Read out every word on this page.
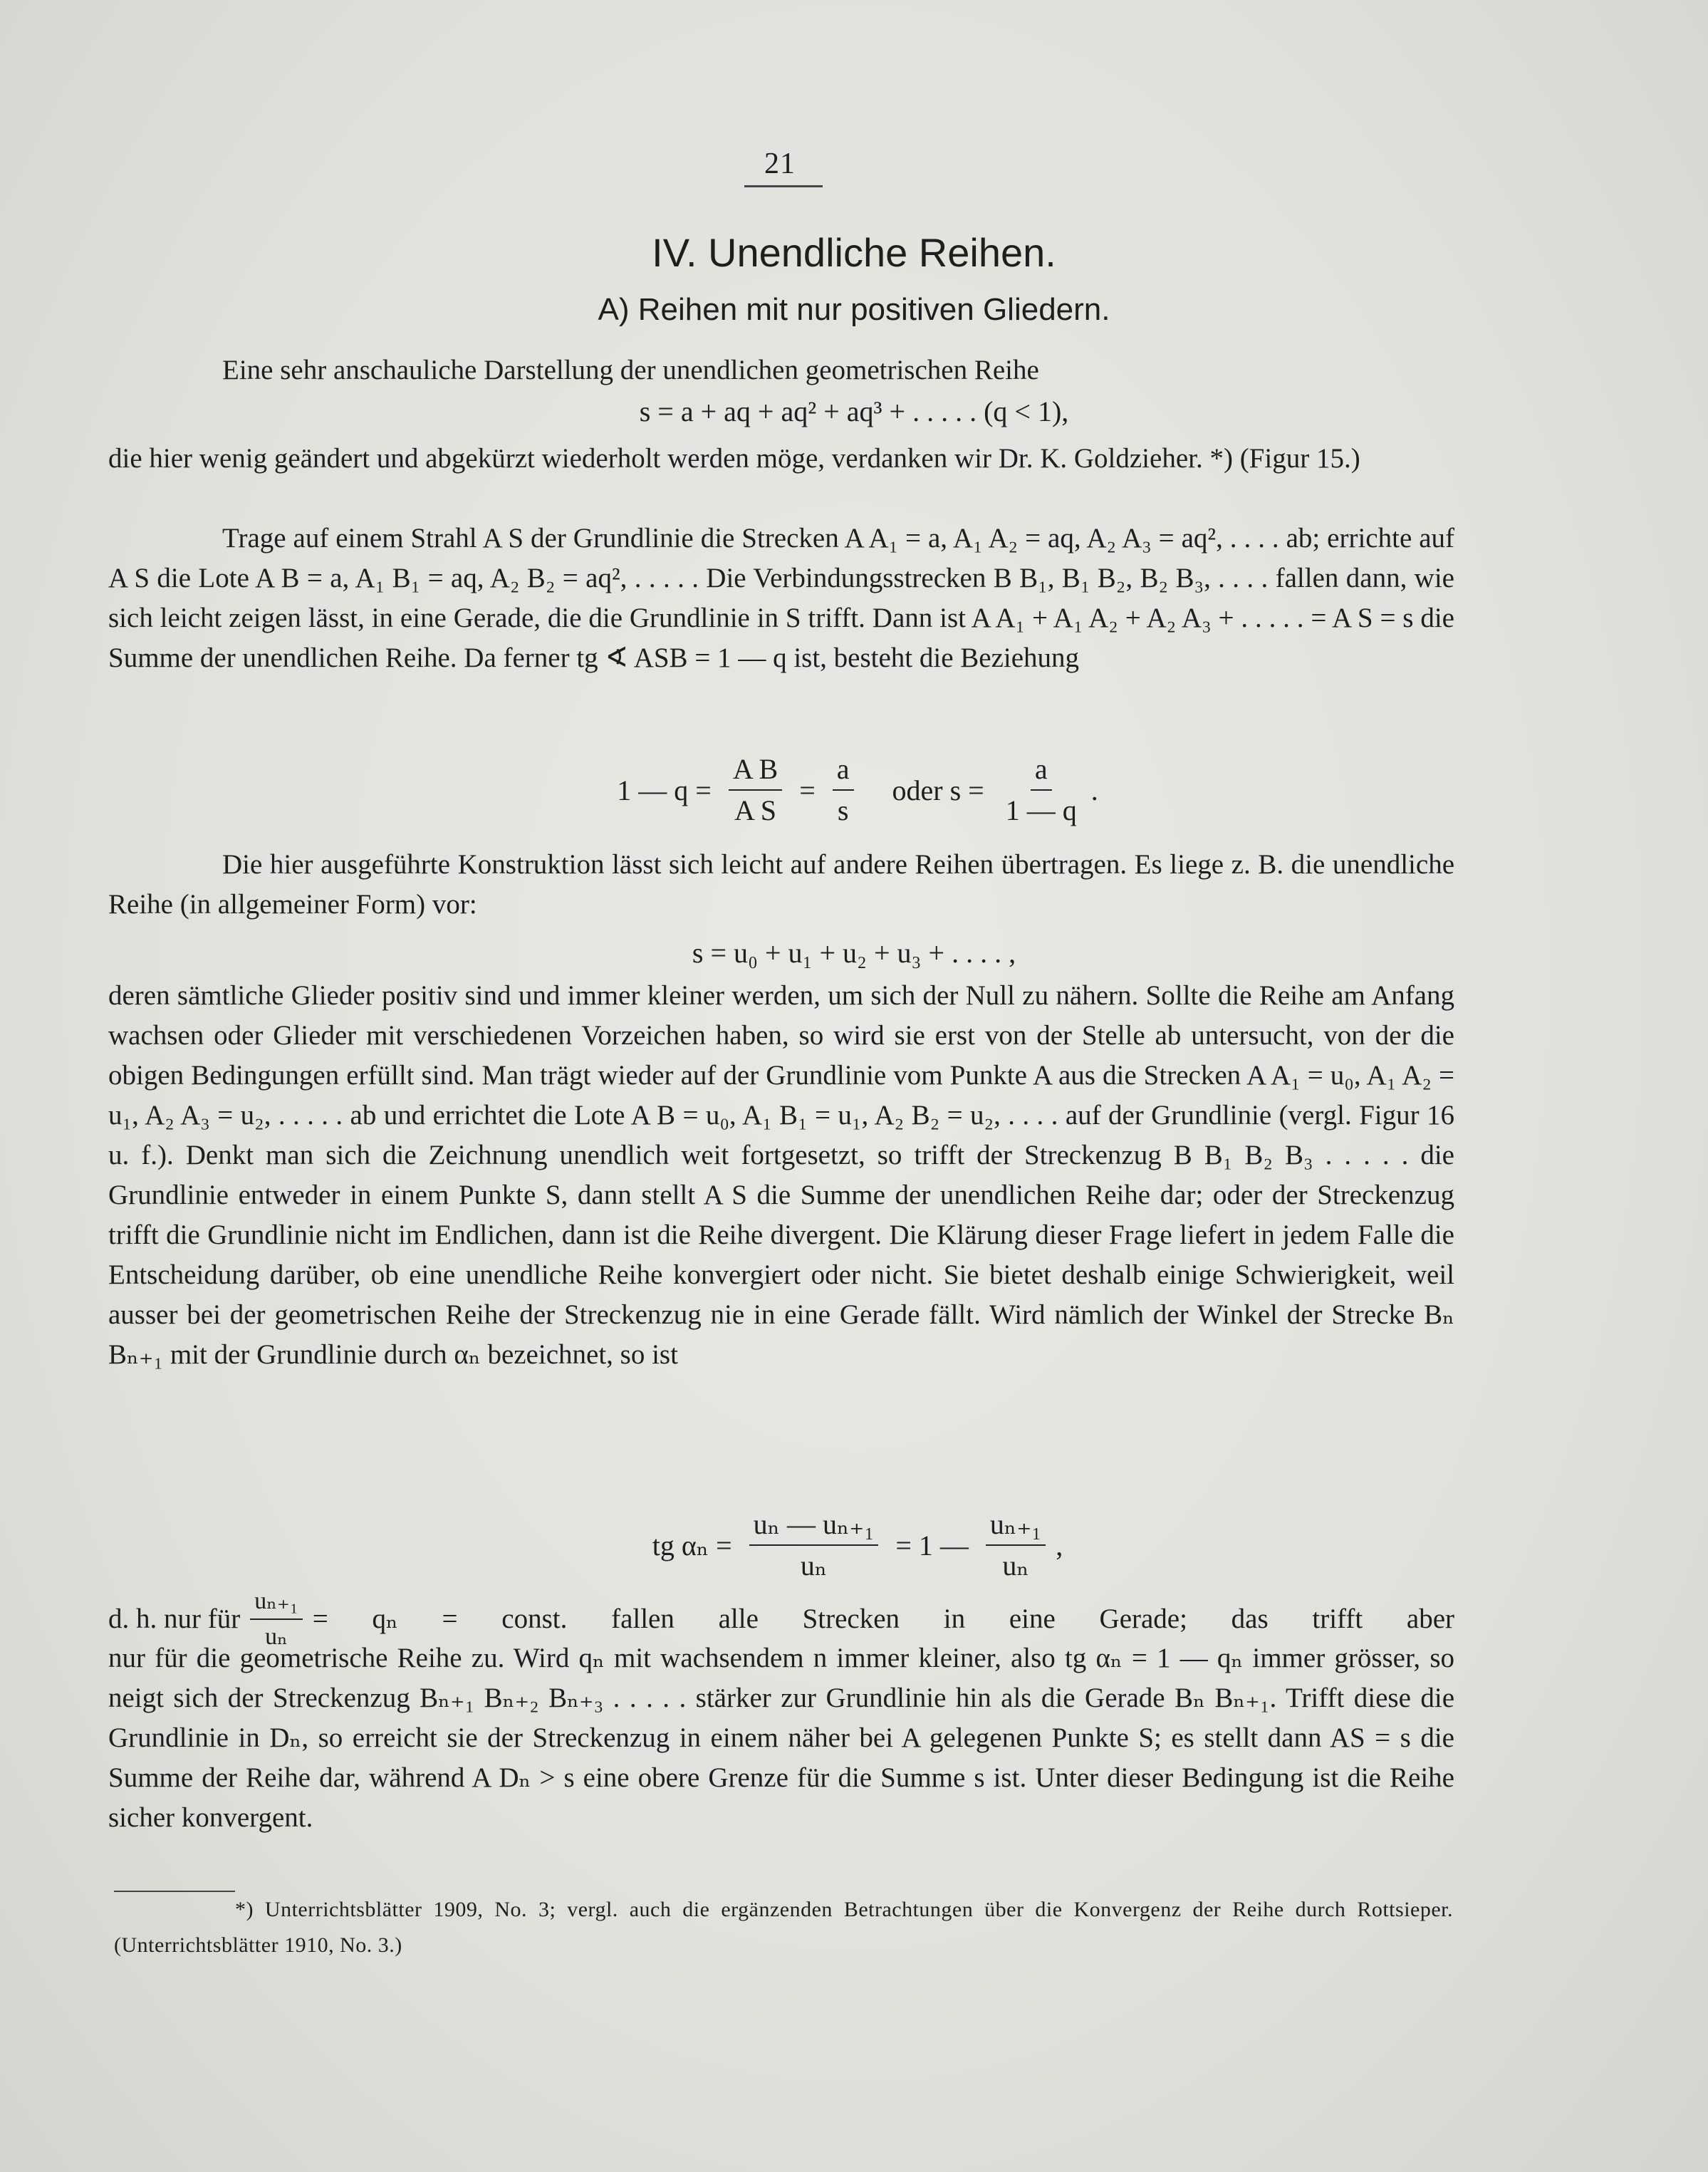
21
IV. Unendliche Reihen.
A) Reihen mit nur positiven Gliedern.
Eine sehr anschauliche Darstellung der unendlichen geometrischen Reihe
s = a + aq + aq² + aq³ + . . . . . (q < 1),
die hier wenig geändert und abgekürzt wiederholt werden möge, verdanken wir Dr. K. Goldzieher. *) (Figur 15.)
Trage auf einem Strahl A S der Grundlinie die Strecken A A₁ = a, A₁ A₂ = aq, A₂ A₃ = aq², . . . . ab; errichte auf A S die Lote A B = a, A₁ B₁ = aq, A₂ B₂ = aq², . . . . . Die Verbindungsstrecken B B₁, B₁ B₂, B₂ B₃, . . . . fallen dann, wie sich leicht zeigen lässt, in eine Gerade, die die Grundlinie in S trifft. Dann ist A A₁ + A₁ A₂ + A₂ A₃ + . . . . . = A S = s die Summe der unendlichen Reihe. Da ferner tg ∢ ASB = 1 — q ist, besteht die Beziehung
1 — $q = \frac{\text{A B}}{\text{A S}} = \frac{a}{s}$ oder $s = \frac{a}{1 — q}$ .
Die hier ausgeführte Konstruktion lässt sich leicht auf andere Reihen übertragen. Es liege z. B. die unendliche Reihe (in allgemeiner Form) vor:
s = u₀ + u₁ + u₂ + u₃ + . . . . ,
deren sämtliche Glieder positiv sind und immer kleiner werden, um sich der Null zu nähern. Sollte die Reihe am Anfang wachsen oder Glieder mit verschiedenen Vorzeichen haben, so wird sie erst von der Stelle ab untersucht, von der die obigen Bedingungen erfüllt sind. Man trägt wieder auf der Grundlinie vom Punkte A aus die Strecken A A₁ = u₀, A₁ A₂ = u₁, A₂ A₃ = u₂, . . . . . ab und errichtet die Lote A B = u₀, A₁ B₁ = u₁, A₂ B₂ = u₂, . . . . auf der Grundlinie (vergl. Figur 16 u. f.). Denkt man sich die Zeichnung unendlich weit fortgesetzt, so trifft der Streckenzug B B₁ B₂ B₃ . . . . . die Grundlinie entweder in einem Punkte S, dann stellt A S die Summe der unendlichen Reihe dar; oder der Streckenzug trifft die Grundlinie nicht im Endlichen, dann ist die Reihe divergent. Die Klärung dieser Frage liefert in jedem Falle die Entscheidung darüber, ob eine unendliche Reihe konvergiert oder nicht. Sie bietet deshalb einige Schwierigkeit, weil ausser bei der geometrischen Reihe der Streckenzug nie in eine Gerade fällt. Wird nämlich der Winkel der Strecke Bₙ Bₙ₊₁ mit der Grundlinie durch αₙ bezeichnet, so ist
tg $\alpha_n = \frac{\text{uₙ — uₙ₊₁}}{\text{uₙ}} = 1$ — $\frac{\text{uₙ₊₁}}{\text{uₙ}}$ ,
d. h. nur für $\frac{\text{uₙ₊₁}}{\text{uₙ}} = q_n$ = const. fallen alle Strecken in eine Gerade; das trifft aber
nur für die geometrische Reihe zu. Wird qₙ mit wachsendem n immer kleiner, also tg αₙ = 1 — qₙ immer grösser, so neigt sich der Streckenzug Bₙ₊₁ Bₙ₊₂ Bₙ₊₃ . . . . . stärker zur Grundlinie hin als die Gerade Bₙ Bₙ₊₁. Trifft diese die Grundlinie in Dₙ, so erreicht sie der Streckenzug in einem näher bei A gelegenen Punkte S; es stellt dann AS = s die Summe der Reihe dar, während A Dₙ > s eine obere Grenze für die Summe s ist. Unter dieser Bedingung ist die Reihe sicher konvergent.
*) Unterrichtsblätter 1909, No. 3; vergl. auch die ergänzenden Betrachtungen über die Konvergenz der Reihe durch Rottsieper. (Unterrichtsblätter 1910, No. 3.)
